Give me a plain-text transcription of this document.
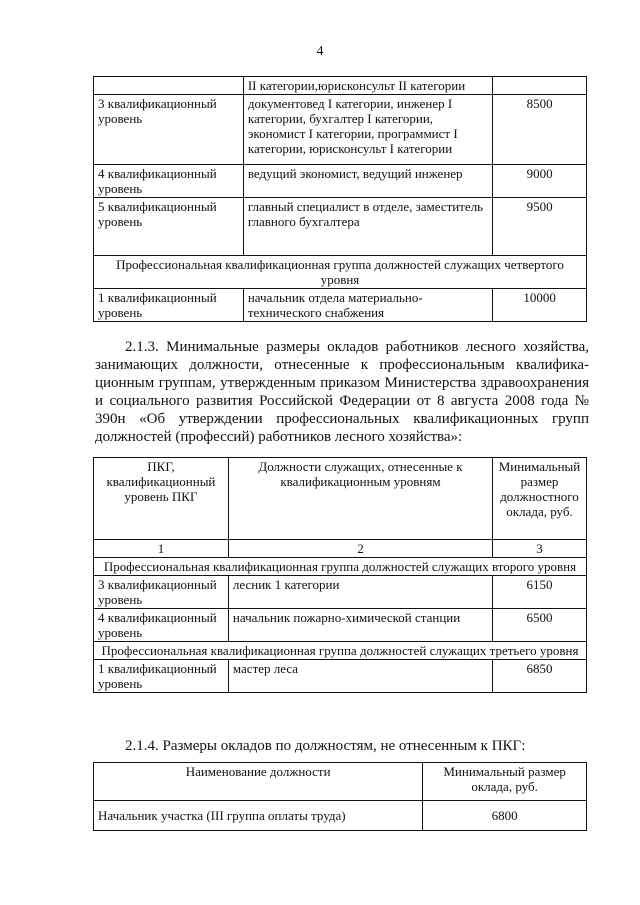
4
	II категории,юрисконсульт II категории	
3 квалификационный уровень	документовед I категории, инженер I категории, бухгалтер I категории, экономист I категории, программист I категории, юрисконсульт I категории	8500
4 квалификационный уровень	ведущий экономист, ведущий инженер	9000
5 квалификационный уровень	главный специалист в отделе, заместитель главного бухгалтера	9500
Профессиональная квалификационная группа должностей служащих четвертого уровня		
1 квалификационный уровень	начальник отдела материально-технического снабжения	10000
2.1.3. Минимальные размеры окладов работников лесного хозяйства, занимающих должности, отнесенные к профессиональным квалифика-ционным группам, утвержденным приказом Министерства здравоохранения и социального развития Российской Федерации от 8 августа 2008 года № 390н «Об утверждении профессиональных квалификационных групп должностей (профессий) работников лесного хозяйства»:
ПКГ, квалификационный уровень ПКГ	Должности служащих, отнесенные к квалификационным уровням	Минимальный размер должностного оклада, руб.
1	2	3
Профессиональная квалификационная группа должностей служащих второго уровня		
3 квалификационный уровень	лесник 1 категории	6150
4 квалификационный уровень	начальник пожарно-химической станции	6500
Профессиональная квалификационная группа должностей служащих третьего уровня		
1 квалификационный уровень	мастер леса	6850
2.1.4. Размеры окладов по должностям, не отнесенным к ПКГ:
Наименование должности	Минимальный размер оклада, руб.
Начальник участка (III группа оплаты труда)	6800
